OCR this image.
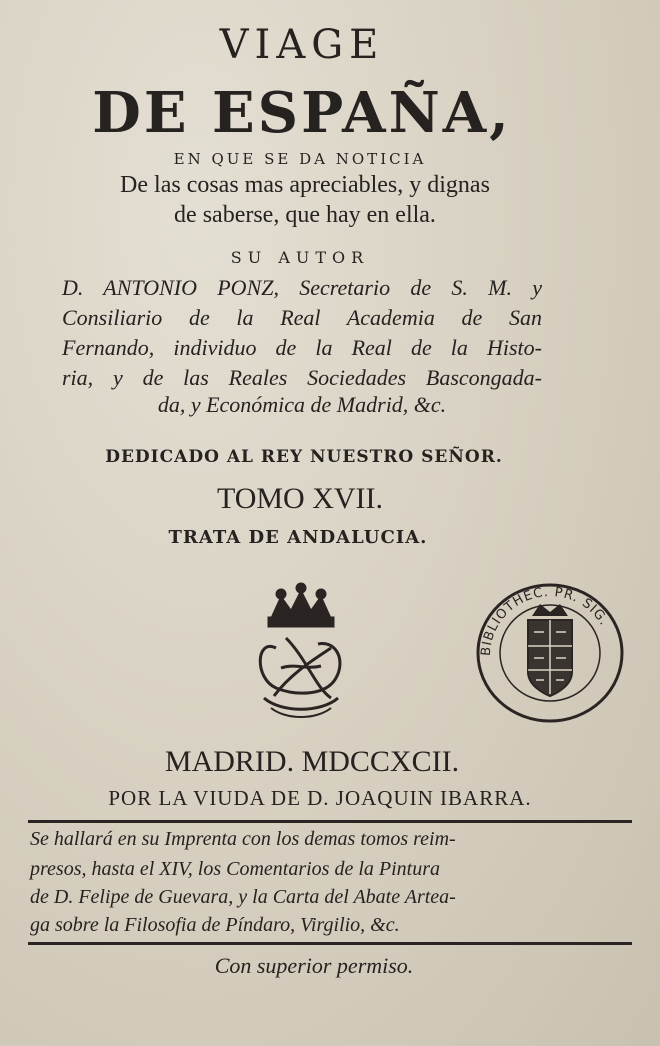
VIAGE
DE ESPAÑA,
EN QUE SE DA NOTICIA
De las cosas mas apreciables, y dignas
de saberse, que hay en ella.
SU AUTOR
D. ANTONIO PONZ, Secretario de S. M. y
Consiliario de la Real Academia de San
Fernando, individuo de la Real de la Histo-
ria, y de las Reales Sociedades Bascongada-
da, y Económica de Madrid, &c.
DEDICADO AL REY NUESTRO SEÑOR.
TOMO XVII.
TRATA DE ANDALUCIA.
BIBLIOTHEC. PR. SIG.
MADRID. MDCCXCII.
POR LA VIUDA DE D. JOAQUIN IBARRA.
Se hallará en su Imprenta con los demas tomos reim-
presos, hasta el XIV, los Comentarios de la Pintura
de D. Felipe de Guevara, y la Carta del Abate Artea-
ga sobre la Filosofia de Píndaro, Virgilio, &c.
Con superior permiso.
